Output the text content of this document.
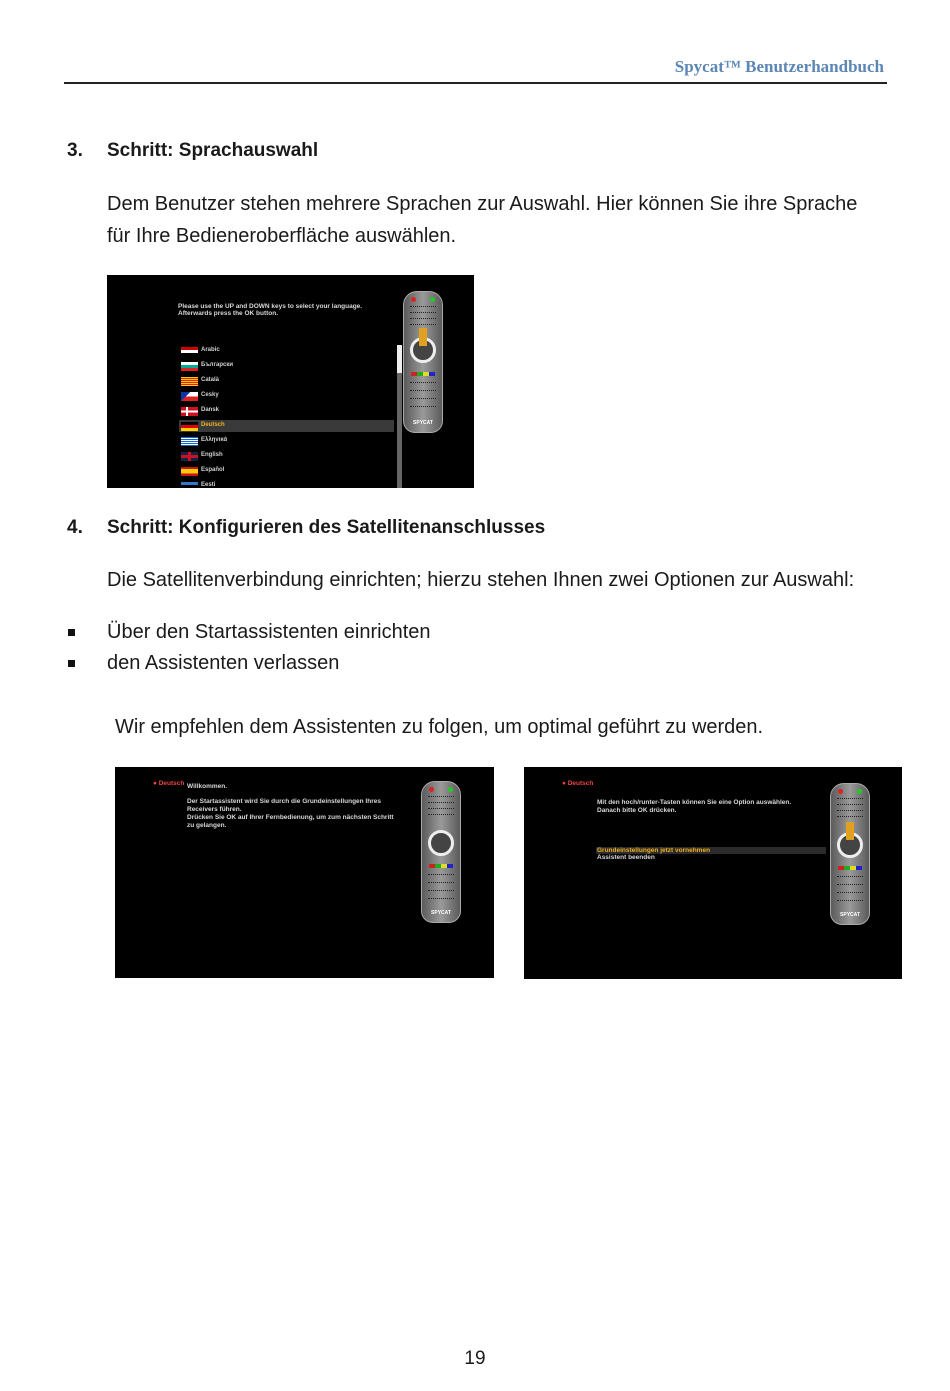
Spycat™ Benutzerhandbuch
3. Schritt: Sprachauswahl
Dem Benutzer stehen mehrere Sprachen zur Auswahl. Hier können Sie ihre Sprache
für Ihre Bedieneroberfläche auswählen.
Please use the UP and DOWN keys to select your language.
Afterwards press the OK button.
Arabic
Български
Català
Cesky
Dansk
Deutsch
Ελληνικά
English
Español
Eesti
SPYCAT
4. Schritt: Konfigurieren des Satellitenanschlusses
Die Satellitenverbindung einrichten; hierzu stehen Ihnen zwei Optionen zur Auswahl:
Über den Startassistenten einrichten
den Assistenten verlassen
Wir empfehlen dem Assistenten zu folgen, um optimal geführt zu werden.
● Deutsch Willkommen.
Der Startassistent wird Sie durch die Grundeinstellungen Ihres
Receivers führen.
Drücken Sie OK auf Ihrer Fernbedienung, um zum nächsten Schritt
zu gelangen.
SPYCAT
● Deutsch
Mit den hoch/runter-Tasten können Sie eine Option auswählen.
Danach bitte OK drücken.
Grundeinstellungen jetzt vornehmen
Assistent beenden
SPYCAT
19
